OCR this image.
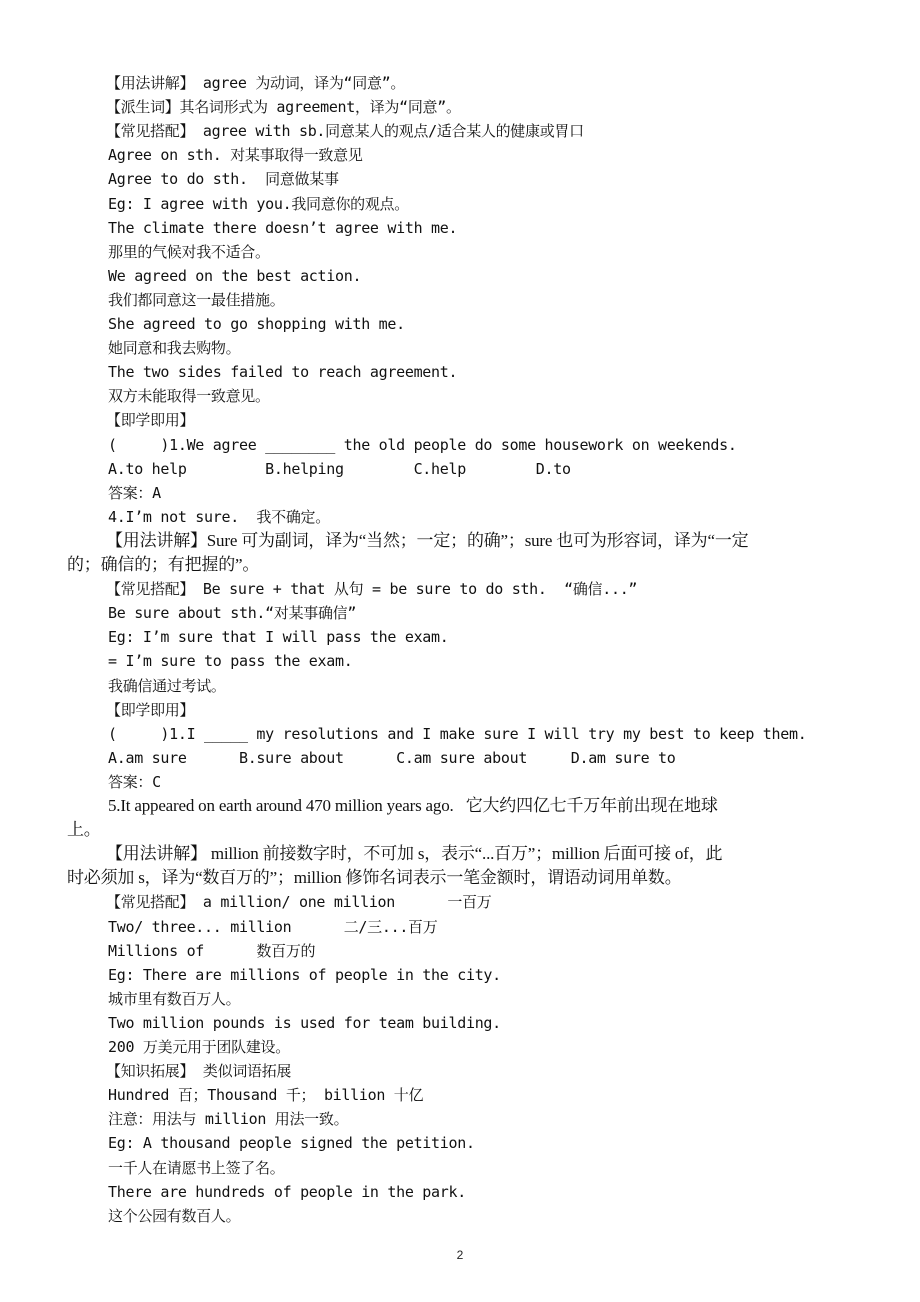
2
【用法讲解】 agree 为动词，译为“同意”。
【派生词】其名词形式为 agreement，译为“同意”。
【常见搭配】 agree with sb.同意某人的观点/适合某人的健康或胃口
Agree on sth. 对某事取得一致意见
Agree to do sth.  同意做某事
Eg: I agree with you.我同意你的观点。
The climate there doesn’t agree with me.
那里的气候对我不适合。
We agreed on the best action.
我们都同意这一最佳措施。
She agreed to go shopping with me.
她同意和我去购物。
The two sides failed to reach agreement.
双方未能取得一致意见。
【即学即用】
(     )1.We agree ________ the old people do some housework on weekends.
A.to help         B.helping        C.help        D.to
答案：A
4.I’m not sure.  我不确定。
【用法讲解】Sure 可为副词，译为“当然；一定；的确”；sure 也可为形容词，译为“一定
的；确信的；有把握的”。
【常见搭配】 Be sure + that 从句 = be sure to do sth.  “确信...”
Be sure about sth.“对某事确信”
Eg: I’m sure that I will pass the exam.
= I’m sure to pass the exam.
我确信通过考试。
【即学即用】
(     )1.I _____ my resolutions and I make sure I will try my best to keep them.
A.am sure      B.sure about      C.am sure about     D.am sure to
答案：C
5.It appeared on earth around 470 million years ago.   它大约四亿七千万年前出现在地球
上。
【用法讲解】 million 前接数字时，不可加 s，表示“...百万”；million 后面可接 of，此
时必须加 s，译为“数百万的”；million 修饰名词表示一笔金额时，谓语动词用单数。
【常见搭配】 a million/ one million      一百万
Two/ three... million      二/三...百万
Millions of      数百万的
Eg: There are millions of people in the city.
城市里有数百万人。
Two million pounds is used for team building.
200 万美元用于团队建设。
【知识拓展】 类似词语拓展
Hundred 百；Thousand 千； billion 十亿
注意：用法与 million 用法一致。
Eg: A thousand people signed the petition.
一千人在请愿书上签了名。
There are hundreds of people in the park.
这个公园有数百人。
